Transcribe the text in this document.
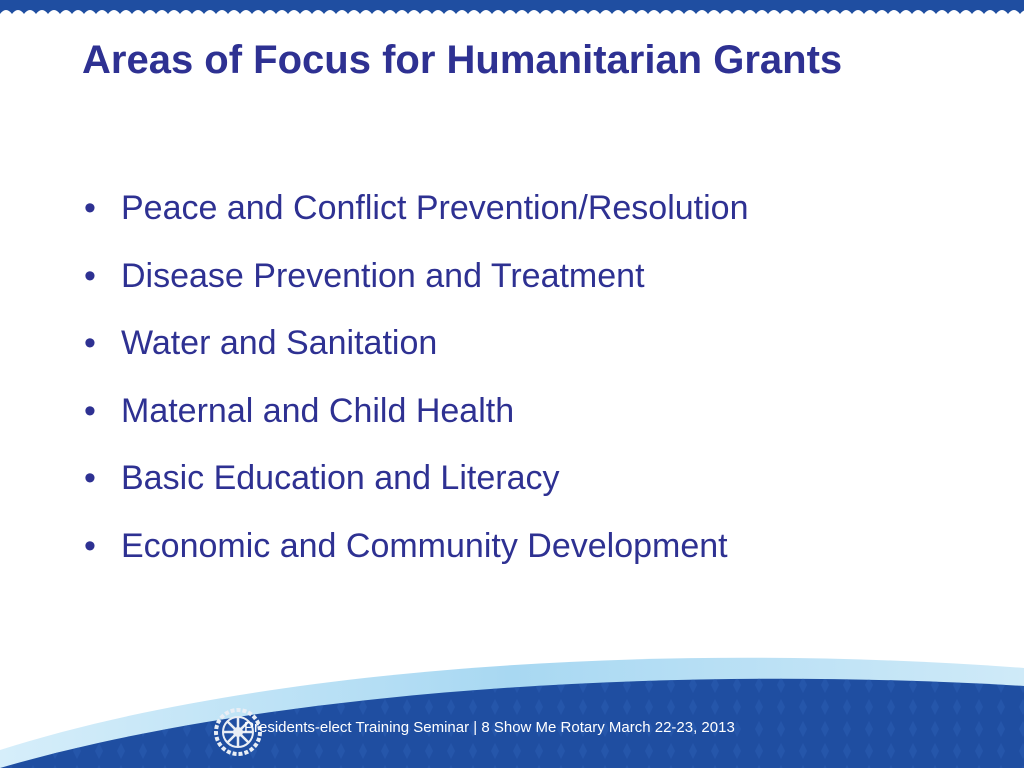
Areas of Focus for Humanitarian Grants
• Peace and Conflict Prevention/Resolution
• Disease Prevention and Treatment
• Water and Sanitation
• Maternal and Child Health
• Basic Education and Literacy
• Economic and Community Development
Presidents-elect Training Seminar | 8 Show Me Rotary March 22-23, 2013
